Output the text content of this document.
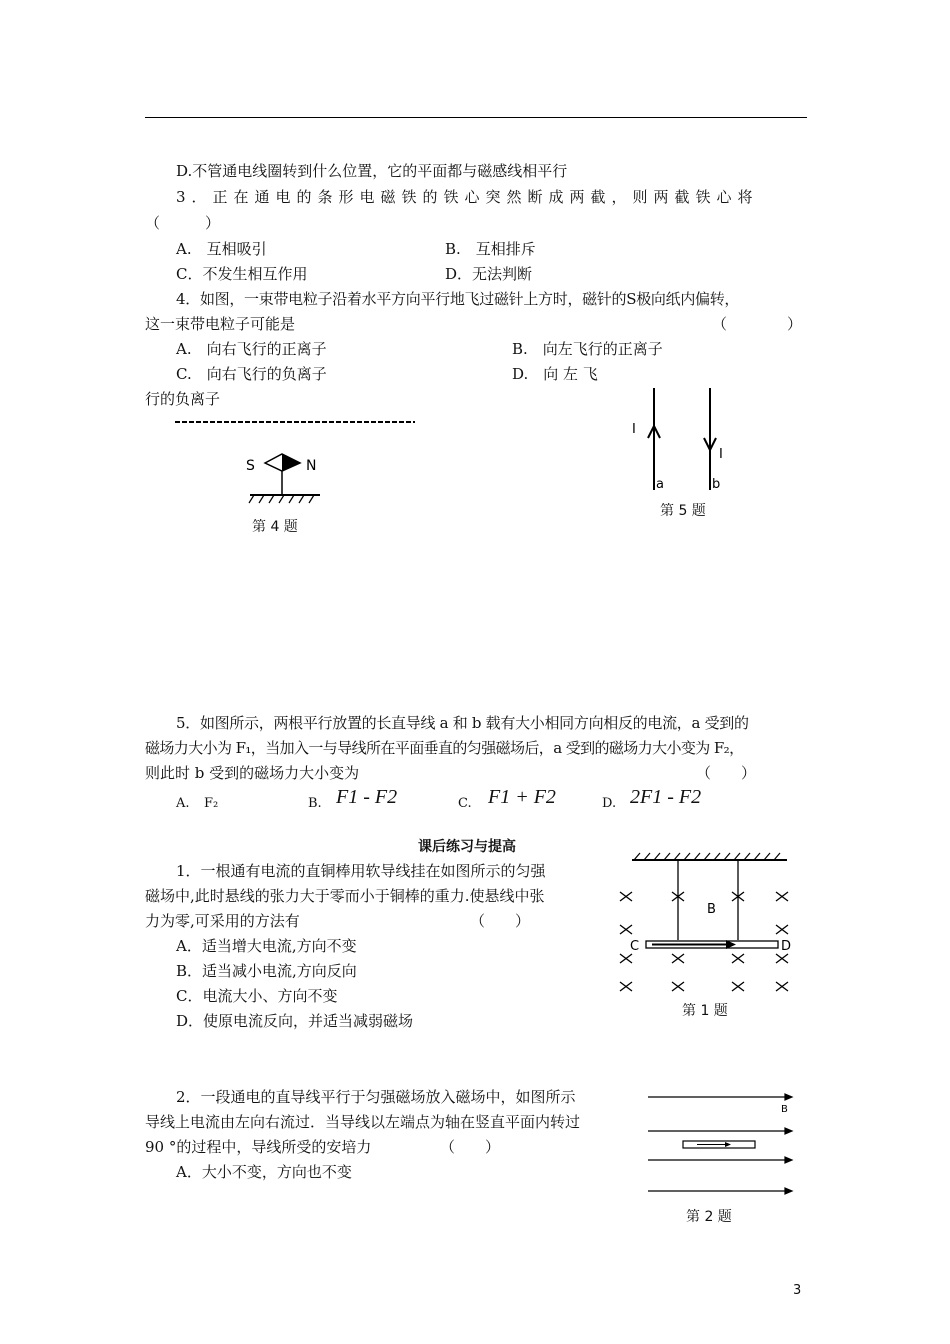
D.不管通电线圈转到什么位置，它的平面都与磁感线相平行
3．正在通电的条形电磁铁的铁心突然断成两截，则两截铁心将
（　　　）
A.　互相吸引	B.　互相排斥
C．不发生相互作用	D．无法判断
4．如图，一束带电粒子沿着水平方向平行地飞过磁针上方时，磁针的S极向纸内偏转，
这一束带电粒子可能是	（　　　　）
A.　向右飞行的正离子	B.　向左飞行的正离子
C.　向右飞行的负离子	D.　向 左 飞
行的负离子
S	N
第 4 题
I
I
a	b
第 5 题
5．如图所示，两根平行放置的长直导线 a 和 b 载有大小相同方向相反的电流，a 受到的
磁场力大小为 F₁，当加入一与导线所在平面垂直的匀强磁场后，a 受到的磁场力大小变为 F₂，
则此时 b 受到的磁场力大小变为	（　　）
A. F₂	B. F1 - F2	C. F1 + F2	D. 2F1 - F2
课后练习与提高
1．一根通有电流的直铜棒用软导线挂在如图所示的匀强
磁场中,此时悬线的张力大于零而小于铜棒的重力.使悬线中张
力为零,可采用的方法有	（　　）
A．适当增大电流,方向不变
B．适当减小电流,方向反向
C．电流大小、方向不变
D．使原电流反向，并适当减弱磁场
B
C	D
第 1 题
2．一段通电的直导线平行于匀强磁场放入磁场中，如图所示
导线上电流由左向右流过．当导线以左端点为轴在竖直平面内转过
90 °的过程中，导线所受的安培力	（　　）
A．大小不变，方向也不变
B
第 2 题
3
